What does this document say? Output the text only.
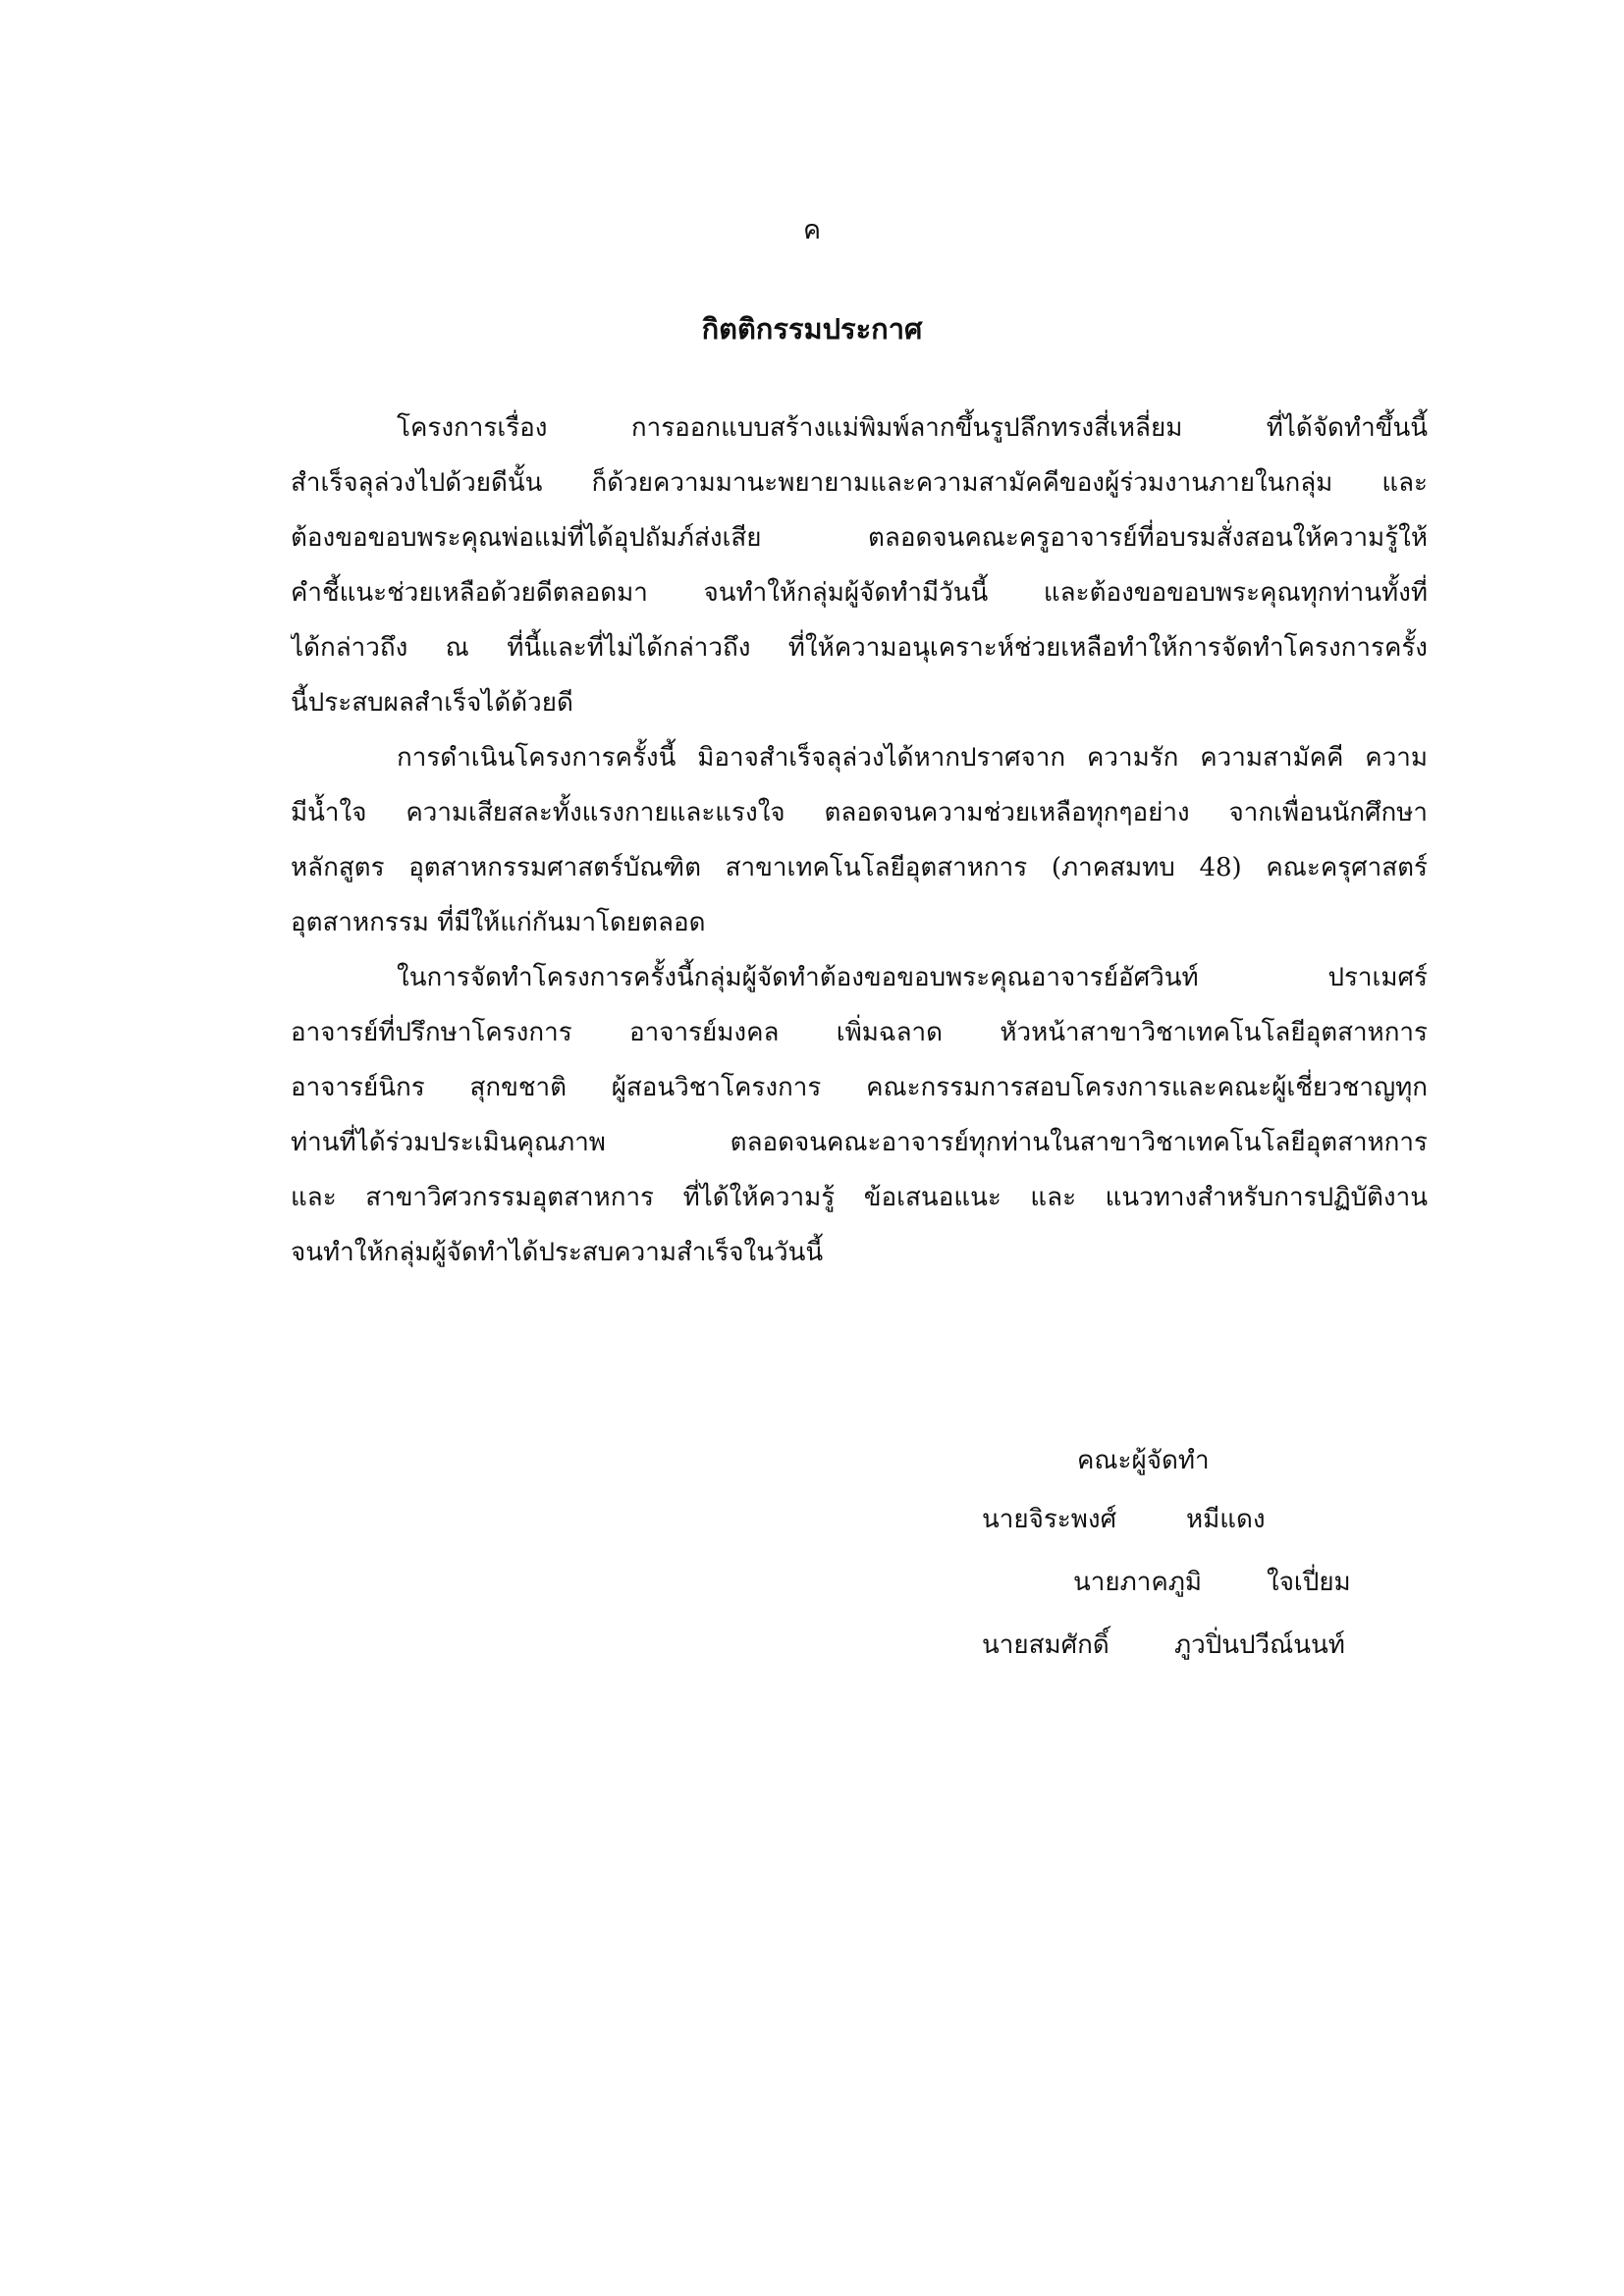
ค
กิตติกรรมประกาศ
โครงการเรื่อง การออกแบบสร้างแม่พิมพ์ลากขึ้นรูปลึกทรงสี่เหลี่ยม ที่ได้จัดทำขึ้นนี้
สำเร็จลุล่วงไปด้วยดีนั้น ก็ด้วยความมานะพยายามและความสามัคคีของผู้ร่วมงานภายในกลุ่ม และ
ต้องขอขอบพระคุณพ่อแม่ที่ได้อุปถัมภ์ส่งเสีย ตลอดจนคณะครูอาจารย์ที่อบรมสั่งสอนให้ความรู้ให้
คำชี้แนะช่วยเหลือด้วยดีตลอดมา จนทำให้กลุ่มผู้จัดทำมีวันนี้ และต้องขอขอบพระคุณทุกท่านทั้งที่
ได้กล่าวถึง ณ ที่นี้และที่ไม่ได้กล่าวถึง ที่ให้ความอนุเคราะห์ช่วยเหลือทำให้การจัดทำโครงการครั้ง
นี้ประสบผลสำเร็จได้ด้วยดี
การดำเนินโครงการครั้งนี้ มิอาจสำเร็จลุล่วงได้หากปราศจาก ความรัก ความสามัคคี ความ
มีน้ำใจ ความเสียสละทั้งแรงกายและแรงใจ ตลอดจนความช่วยเหลือทุกๆอย่าง จากเพื่อนนักศึกษา
หลักสูตร อุตสาหกรรมศาสตร์บัณฑิต สาขาเทคโนโลยีอุตสาหการ (ภาคสมทบ 48) คณะครุศาสตร์
อุตสาหกรรม ที่มีให้แก่กันมาโดยตลอด
ในการจัดทำโครงการครั้งนี้กลุ่มผู้จัดทำต้องขอขอบพระคุณอาจารย์อัศวินท์ ปราเมศร์
อาจารย์ที่ปรึกษาโครงการ อาจารย์มงคล เพิ่มฉลาด หัวหน้าสาขาวิชาเทคโนโลยีอุตสาหการ
อาจารย์นิกร สุกขชาติ ผู้สอนวิชาโครงการ คณะกรรมการสอบโครงการและคณะผู้เชี่ยวชาญทุก
ท่านที่ได้ร่วมประเมินคุณภาพ ตลอดจนคณะอาจารย์ทุกท่านในสาขาวิชาเทคโนโลยีอุตสาหการ
และ สาขาวิศวกรรมอุตสาหการ ที่ได้ให้ความรู้ ข้อเสนอแนะ และ แนวทางสำหรับการปฏิบัติงาน
จนทำให้กลุ่มผู้จัดทำได้ประสบความสำเร็จในวันนี้
คณะผู้จัดทำ
นายจิระพงศ์	หมีแดง
นายภาคภูมิ	ใจเปี่ยม
นายสมศักดิ์	ภูวปิ่นปวีณ์นนท์
